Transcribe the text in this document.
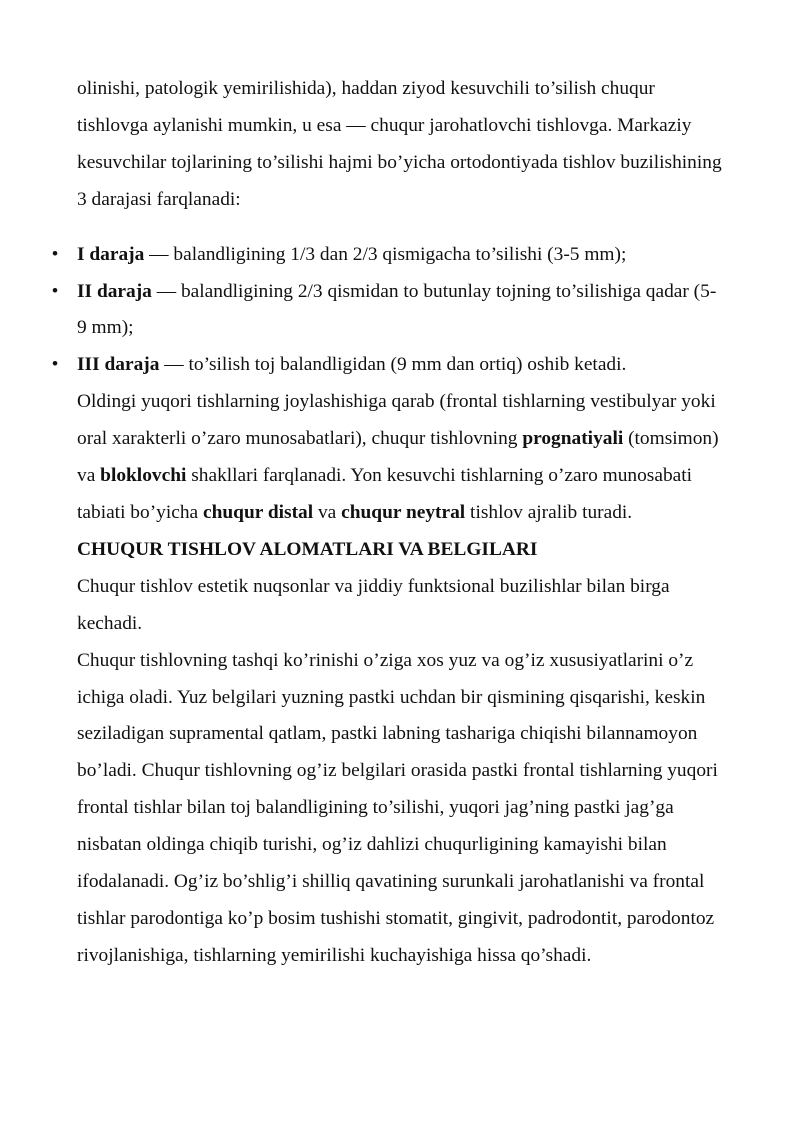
olinishi, patologik yemirilishida), haddan ziyod kesuvchili to’silish chuqur tishlovga aylanishi mumkin, u esa — chuqur jarohatlovchi tishlovga. Markaziy kesuvchilar tojlarining to’silishi hajmi bo’yicha ortodontiyada tishlov buzilishining 3 darajasi farqlanadi:

• I daraja — balandligining 1/3 dan 2/3 qismigacha to’silishi (3-5 mm);
• II daraja — balandligining 2/3 qismidan to butunlay tojning to’silishiga qadar (5-9 mm);
• III daraja — to’silish toj balandligidan (9 mm dan ortiq) oshib ketadi.

Oldingi yuqori tishlarning joylashishiga qarab (frontal tishlarning vestibulyar yoki oral xarakterli o’zaro munosabatlari), chuqur tishlovning prognatiyali (tomsimon) va bloklovchi shakllari farqlanadi. Yon kesuvchi tishlarning o’zaro munosabati tabiati bo’yicha chuqur distal va chuqur neytral tishlov ajralib turadi.

CHUQUR TISHLOV ALOMATLARI VA BELGILARI

Chuqur tishlov estetik nuqsonlar va jiddiy funktsional buzilishlar bilan birga kechadi.

Chuqur tishlovning tashqi ko’rinishi o’ziga xos yuz va og’iz xususiyatlarini o’z ichiga oladi. Yuz belgilari yuzning pastki uchdan bir qismining qisqarishi, keskin seziladigan supramental qatlam, pastki labning tashariga chiqishi bilannamoyon bo’ladi. Chuqur tishlovning og’iz belgilari orasida pastki frontal tishlarning yuqori frontal tishlar bilan toj balandligining to’silishi, yuqori jag’ning pastki jag’ga nisbatan oldinga chiqib turishi, og’iz dahlizi chuqurligining kamayishi bilan ifodalanadi. Og’iz bo’shlig’i shilliq qavatining surunkali jarohatlanishi va frontal tishlar parodontiga ko’p bosim tushishi stomatit, gingivit, padrodontit, parodontoz rivojlanishiga, tishlarning yemirilishi kuchayishiga hissa qo’shadi.
